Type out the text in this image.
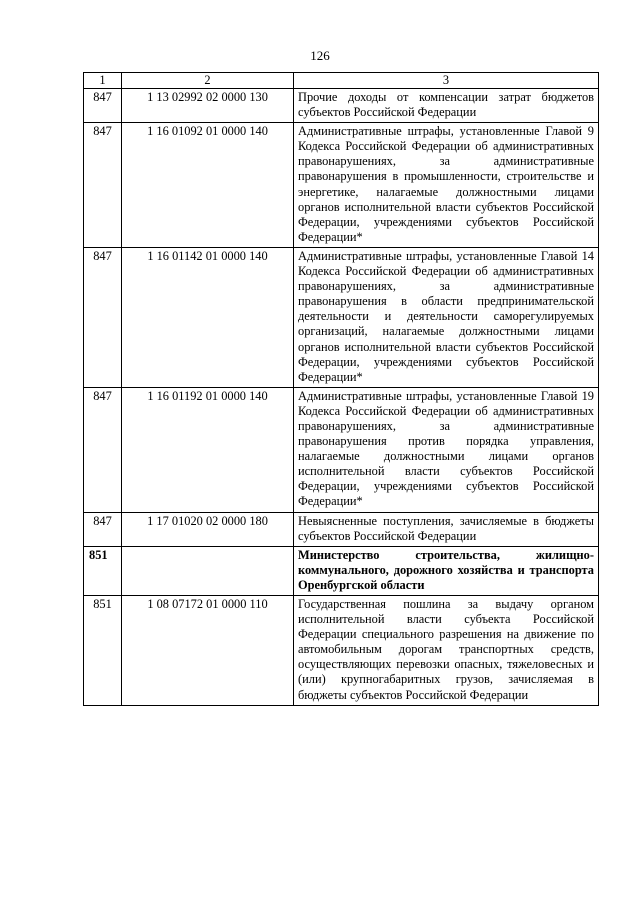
126
1	2	3
847	1 13 02992 02 0000 130	Прочие доходы от компенсации затрат бюджетов субъектов Российской Федерации
847	1 16 01092 01 0000 140	Административные штрафы, установленные Главой 9 Кодекса Российской Федерации об административных правонарушениях, за административные правонарушения в промышленности, строительстве и энергетике, налагаемые должностными лицами органов исполнительной власти субъектов Российской Федерации, учреждениями субъектов Российской Федерации*
847	1 16 01142 01 0000 140	Административные штрафы, установленные Главой 14 Кодекса Российской Федерации об административных правонарушениях, за административные правонарушения в области предпринимательской деятельности и деятельности саморегулируемых организаций, налагаемые должностными лицами органов исполнительной власти субъектов Российской Федерации, учреждениями субъектов Российской Федерации*
847	1 16 01192 01 0000 140	Административные штрафы, установленные Главой 19 Кодекса Российской Федерации об административных правонарушениях, за административные правонарушения против порядка управления, налагаемые должностными лицами органов исполнительной власти субъектов Российской Федерации, учреждениями субъектов Российской Федерации*
847	1 17 01020 02 0000 180	Невыясненные поступления, зачисляемые в бюджеты субъектов Российской Федерации
851		Министерство строительства, жилищно-коммунального, дорожного хозяйства и транспорта Оренбургской области
851	1 08 07172 01 0000 110	Государственная пошлина за выдачу органом исполнительной власти субъекта Российской Федерации специального разрешения на движение по автомобильным дорогам транспортных средств, осуществляющих перевозки опасных, тяжеловесных и (или) крупногабаритных грузов, зачисляемая в бюджеты субъектов Российской Федерации
